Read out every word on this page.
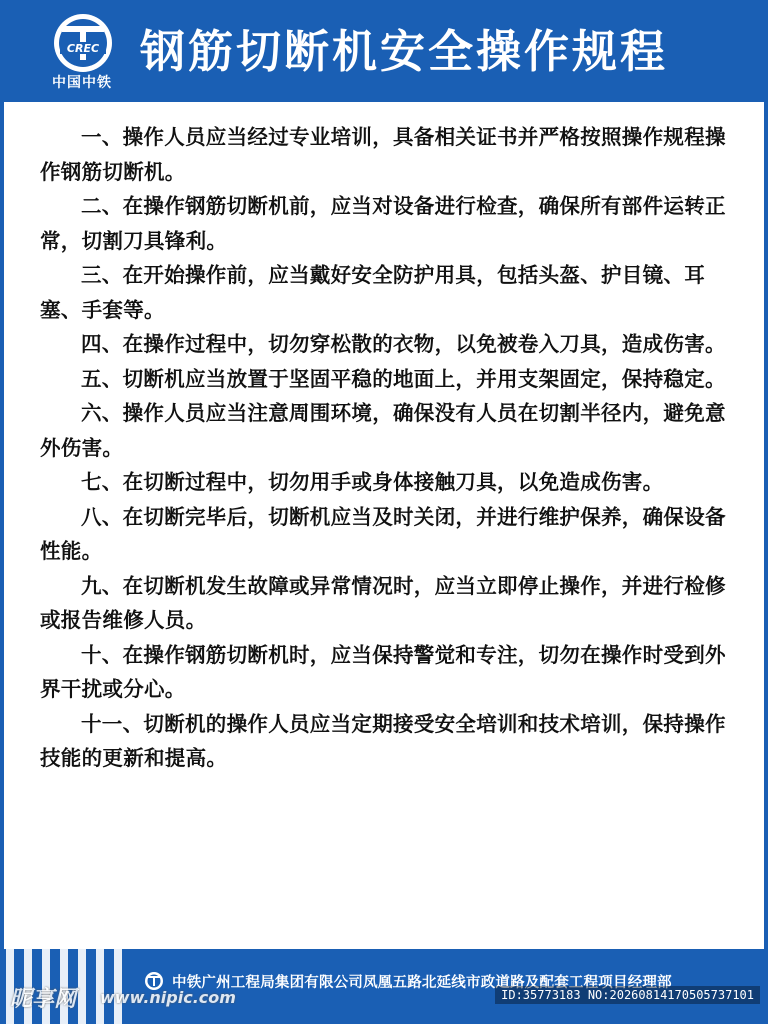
CREC
中国中铁
钢筋切断机安全操作规程
一、操作人员应当经过专业培训，具备相关证书并严格按照操作规程操作钢筋切断机。
二、在操作钢筋切断机前，应当对设备进行检查，确保所有部件运转正常，切割刀具锋利。
三、在开始操作前，应当戴好安全防护用具，包括头盔、护目镜、耳塞、手套等。
四、在操作过程中，切勿穿松散的衣物，以免被卷入刀具，造成伤害。
五、切断机应当放置于坚固平稳的地面上，并用支架固定，保持稳定。
六、操作人员应当注意周围环境，确保没有人员在切割半径内，避免意外伤害。
七、在切断过程中，切勿用手或身体接触刀具，以免造成伤害。
八、在切断完毕后，切断机应当及时关闭，并进行维护保养，确保设备性能。
九、在切断机发生故障或异常情况时，应当立即停止操作，并进行检修或报告维修人员。
十、在操作钢筋切断机时，应当保持警觉和专注，切勿在操作时受到外界干扰或分心。
十一、切断机的操作人员应当定期接受安全培训和技术培训，保持操作技能的更新和提高。
中铁广州工程局集团有限公司凤凰五路北延线市政道路及配套工程项目经理部
昵享网 www.nipic.com	ID:35773183 NO:20260814170505737101
